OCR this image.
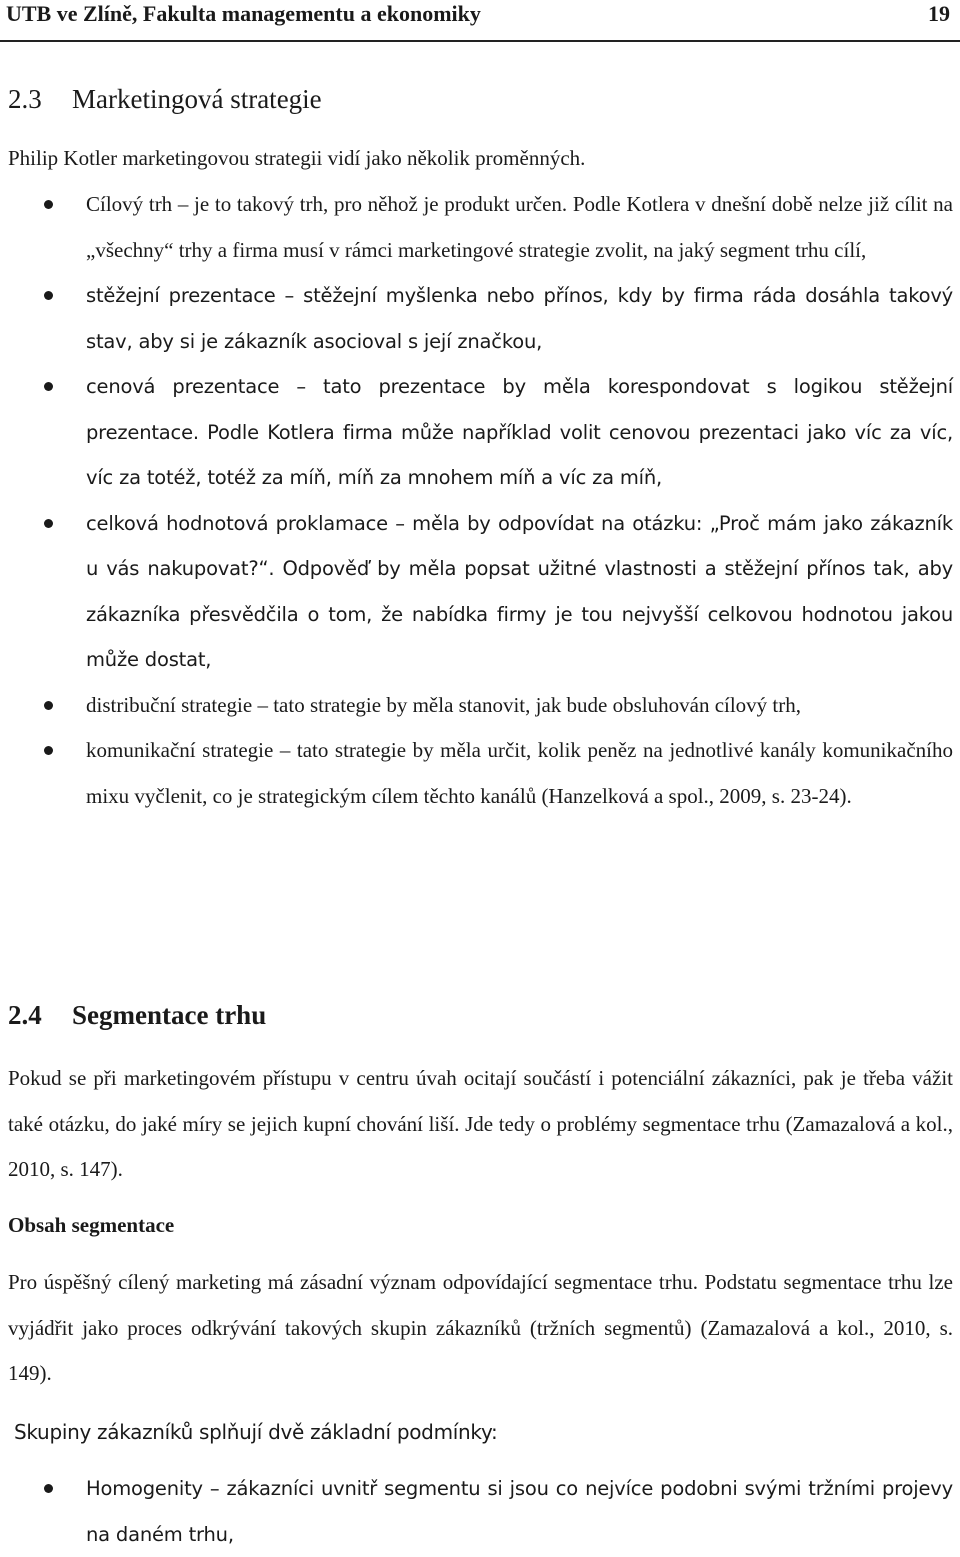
UTB ve Zlíně, Fakulta managementu a ekonomiky	19
2.3 Marketingová strategie
Philip Kotler marketingovou strategii vidí jako několik proměnných.
Cílový trh – je to takový trh, pro něhož je produkt určen. Podle Kotlera v dnešní době nelze již cílit na „všechny“ trhy a firma musí v rámci marketingové strategie zvolit, na jaký segment trhu cílí,
stěžejní prezentace – stěžejní myšlenka nebo přínos, kdy by firma ráda dosáhla takový stav, aby si je zákazník asocioval s její značkou,
cenová prezentace – tato prezentace by měla korespondovat s logikou stěžejní prezentace. Podle Kotlera firma může například volit cenovou prezentaci jako víc za víc, víc za totéž, totéž za míň, míň za mnohem míň a víc za míň,
celková hodnotová proklamace – měla by odpovídat na otázku: „Proč mám jako zákazník u vás nakupovat?“. Odpověď by měla popsat užitné vlastnosti a stěžejní přínos tak, aby zákazníka přesvědčila o tom, že nabídka firmy je tou nejvyšší celkovou hodnotou jakou může dostat,
distribuční strategie – tato strategie by měla stanovit, jak bude obsluhován cílový trh,
komunikační strategie – tato strategie by měla určit, kolik peněz na jednotlivé kanály komunikačního mixu vyčlenit, co je strategickým cílem těchto kanálů (Hanzelková a spol., 2009, s. 23-24).
2.4 Segmentace trhu
Pokud se při marketingovém přístupu v centru úvah ocitají součástí i potenciální zákazníci, pak je třeba vážit také otázku, do jaké míry se jejich kupní chování liší. Jde tedy o problémy segmentace trhu (Zamazalová a kol., 2010, s. 147).
Obsah segmentace
Pro úspěšný cílený marketing má zásadní význam odpovídající segmentace trhu. Podstatu segmentace trhu lze vyjádřit jako proces odkrývání takových skupin zákazníků (tržních segmentů) (Zamazalová a kol., 2010, s. 149).
Skupiny zákazníků splňují dvě základní podmínky:
Homogenity – zákazníci uvnitř segmentu si jsou co nejvíce podobni svými tržními projevy na daném trhu,
